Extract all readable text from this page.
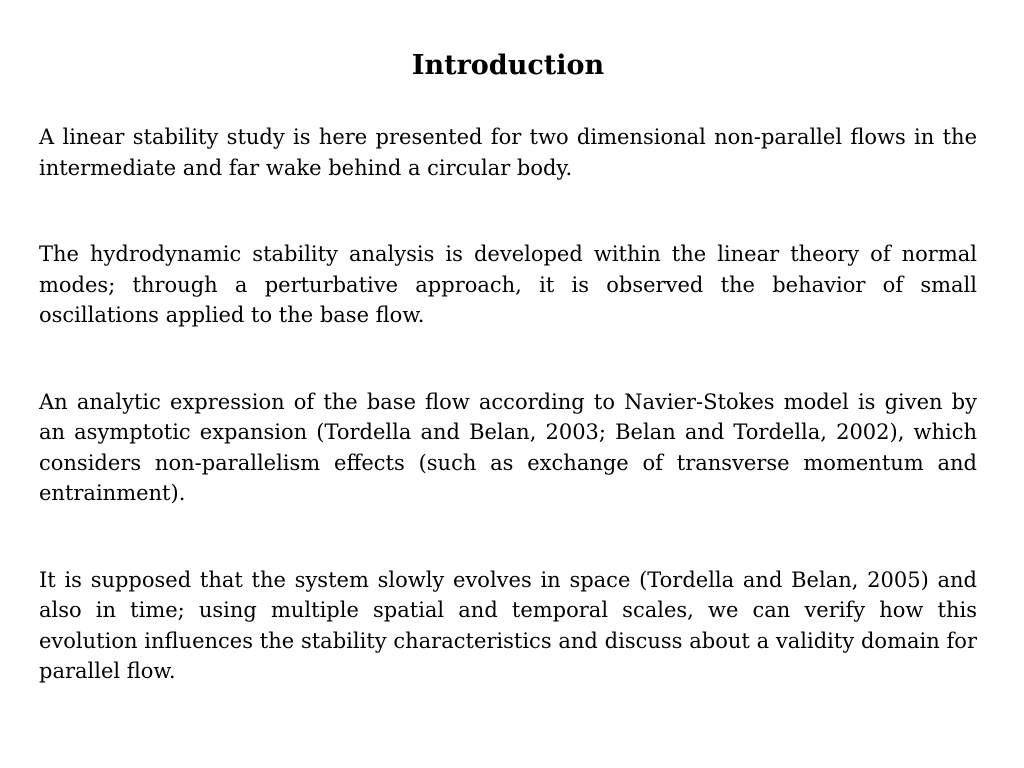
Introduction

A linear stability study is here presented for two dimensional non-parallel flows in the intermediate and far wake behind a circular body.

The hydrodynamic stability analysis is developed within the linear theory of normal modes; through a perturbative approach, it is observed the behavior of small oscillations applied to the base flow.

An analytic expression of the base flow according to Navier-Stokes model is given by an asymptotic expansion (Tordella and Belan, 2003; Belan and Tordella, 2002), which considers non-parallelism effects (such as exchange of transverse momentum and entrainment).

It is supposed that the system slowly evolves in space (Tordella and Belan, 2005) and also in time; using multiple spatial and temporal scales, we can verify how this evolution influences the stability characteristics and discuss about a validity domain for parallel flow.
